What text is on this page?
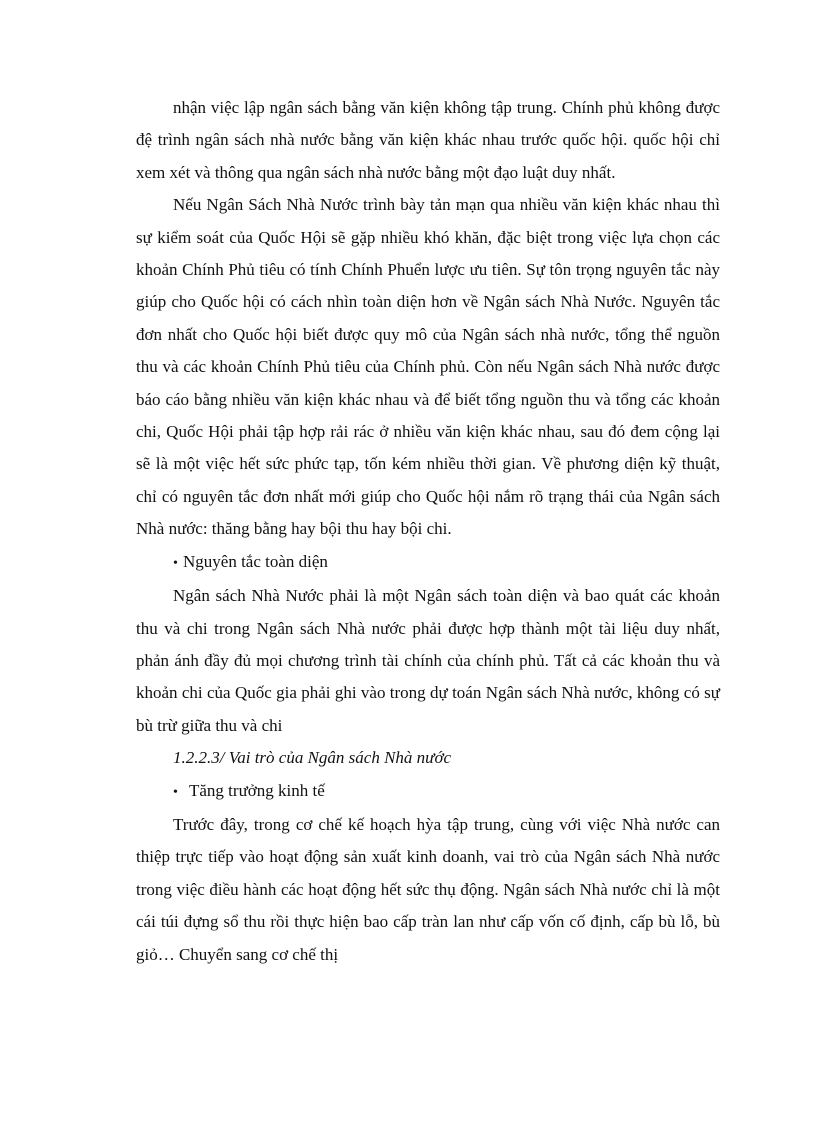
nhận việc lập ngân sách bằng văn kiện không tập trung. Chính phủ không được đệ trình ngân sách nhà nước bằng văn kiện khác nhau trước quốc hội. quốc hội chỉ xem xét và thông qua ngân sách nhà nước bằng một đạo luật duy nhất.

Nếu Ngân Sách Nhà Nước trình bày tản mạn qua nhiều văn kiện khác nhau thì sự kiểm soát của Quốc Hội sẽ gặp nhiều khó khăn, đặc biệt trong việc lựa chọn các khoản Chính Phủ tiêu có tính Chính Phuển lược ưu tiên. Sự tôn trọng nguyên tắc này giúp cho Quốc hội có cách nhìn toàn diện hơn về Ngân sách Nhà Nước. Nguyên tắc đơn nhất cho Quốc hội biết được quy mô của Ngân sách nhà nước, tổng thể nguồn thu và các khoản Chính Phủ tiêu của Chính phủ. Còn nếu Ngân sách Nhà nước được báo cáo bằng nhiều văn kiện khác nhau và để biết tổng nguồn thu và tổng các khoản chi, Quốc Hội phải tập hợp rải rác ở nhiều văn kiện khác nhau, sau đó đem cộng lại sẽ là một việc hết sức phức tạp, tốn kém nhiều thời gian. Về phương diện kỹ thuật, chỉ có nguyên tắc đơn nhất mới giúp cho Quốc hội nắm rõ trạng thái của Ngân sách Nhà nước: thăng bằng hay bội thu hay bội chi.

• Nguyên tắc toàn diện

Ngân sách Nhà Nước phải là một Ngân sách toàn diện và bao quát các khoản thu và chi trong Ngân sách Nhà nước phải được hợp thành một tài liệu duy nhất, phản ánh đầy đủ mọi chương trình tài chính của chính phủ. Tất cả các khoản thu và khoản chi của Quốc gia phải ghi vào trong dự toán Ngân sách Nhà nước, không có sự bù trừ giữa thu và chi

1.2.2.3/ Vai trò của Ngân sách Nhà nước

• Tăng trưởng kinh tế

Trước đây, trong cơ chế kế hoạch hỳa tập trung, cùng với việc Nhà nước can thiệp trực tiếp vào hoạt động sản xuất kinh doanh, vai trò của Ngân sách Nhà nước trong việc điều hành các hoạt động hết sức thụ động. Ngân sách Nhà nước chỉ là một cái túi đựng sổ thu rồi thực hiện bao cấp tràn lan như cấp vốn cố định, cấp bù lỗ, bù giỏ… Chuyển sang cơ chế thị
